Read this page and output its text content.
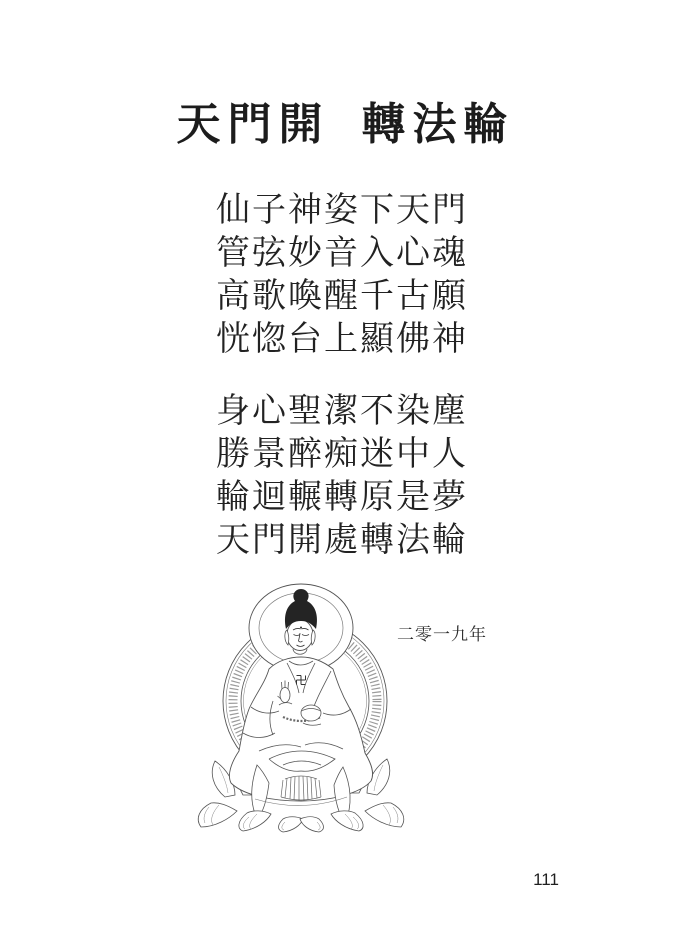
天門開 轉法輪
仙子神姿下天門
管弦妙音入心魂
高歌喚醒千古願
恍惚台上顯佛神
身心聖潔不染塵
勝景醉痴迷中人
輪迴輾轉原是夢
天門開處轉法輪
二零一九年
111
